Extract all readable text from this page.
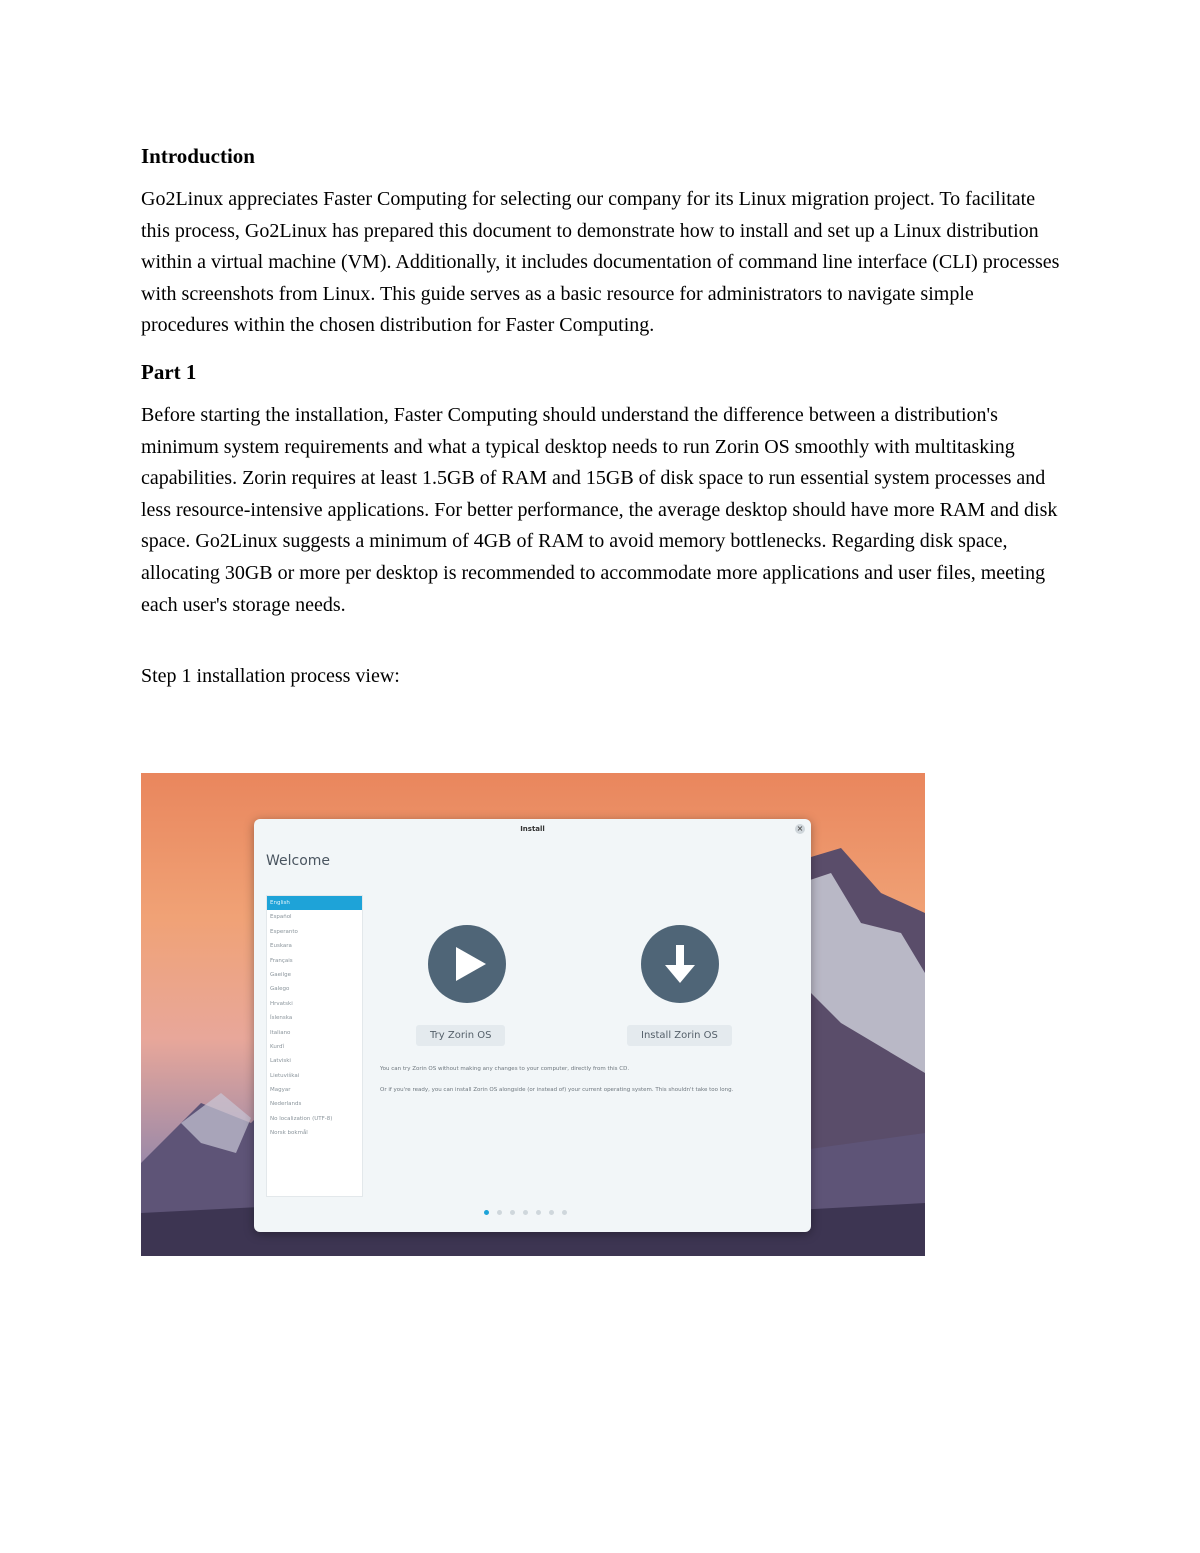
Introduction

Go2Linux appreciates Faster Computing for selecting our company for its Linux migration project. To facilitate this process, Go2Linux has prepared this document to demonstrate how to install and set up a Linux distribution within a virtual machine (VM). Additionally, it includes documentation of command line interface (CLI) processes with screenshots from Linux. This guide serves as a basic resource for administrators to navigate simple procedures within the chosen distribution for Faster Computing.

Part 1

Before starting the installation, Faster Computing should understand the difference between a distribution's minimum system requirements and what a typical desktop needs to run Zorin OS smoothly with multitasking capabilities. Zorin requires at least 1.5GB of RAM and 15GB of disk space to run essential system processes and less resource-intensive applications. For better performance, the average desktop should have more RAM and disk space. Go2Linux suggests a minimum of 4GB of RAM to avoid memory bottlenecks. Regarding disk space, allocating 30GB or more per desktop is recommended to accommodate more applications and user files, meeting each user's storage needs.

Step 1 installation process view:

Install	×
Welcome
English
Español
Esperanto
Euskara
Français
Gaeilge
Galego
Hrvatski
Íslenska
Italiano
Kurdî
Latviski
Lietuviškai
Magyar
Nederlands
No localization (UTF-8)
Norsk bokmål
Try Zorin OS	Install Zorin OS
You can try Zorin OS without making any changes to your computer, directly from this CD.
Or if you're ready, you can install Zorin OS alongside (or instead of) your current operating system. This shouldn't take too long.
